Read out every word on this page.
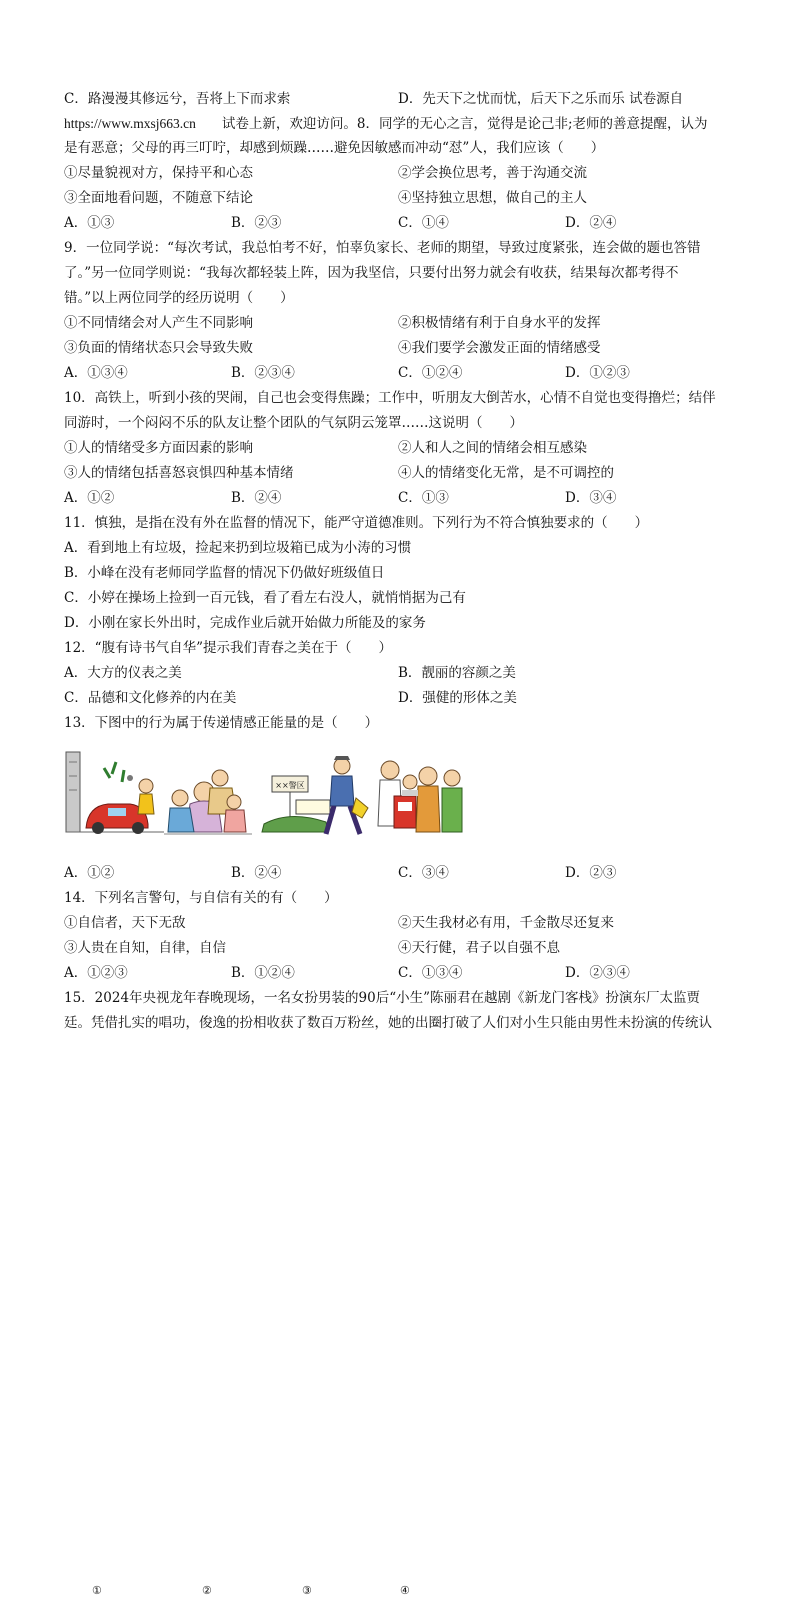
C．路漫漫其修远兮，吾将上下而求索	D．先天下之忧而忧，后天下之乐而乐 试卷源自
https://www.mxsj663.cn 试卷上新，欢迎访问。8．同学的无心之言，觉得是论己非;老师的善意提醒，认为
是有恶意；父母的再三叮咛，却感到烦躁……避免因敏感而冲动“怼”人，我们应该（　　）
①尽量貌视对方，保持平和心态	②学会换位思考，善于沟通交流
③全面地看问题，不随意下结论	④坚持独立思想，做自己的主人
A．①③	B．②③	C．①④	D．②④
9．一位同学说：“每次考试，我总怕考不好，怕辜负家长、老师的期望，导致过度紧张，连会做的题也答错
了。”另一位同学则说：“我每次都轻装上阵，因为我坚信，只要付出努力就会有收获，结果每次都考得不
错。”以上两位同学的经历说明（　　）
①不同情绪会对人产生不同影响	②积极情绪有利于自身水平的发挥
③负面的情绪状态只会导致失败	④我们要学会激发正面的情绪感受
A．①③④	B．②③④	C．①②④	D．①②③
10．高铁上，听到小孩的哭闹，自己也会变得焦躁；工作中，听朋友大倒苦水，心情不自觉也变得撸烂；结伴
同游时，一个闷闷不乐的队友让整个团队的气氛阴云笼罩……这说明（　　）
①人的情绪受多方面因素的影响	②人和人之间的情绪会相互感染
③人的情绪包括喜怒哀惧四种基本情绪	④人的情绪变化无常，是不可调控的
A．①②	B．②④	C．①③	D．③④
11．慎独，是指在没有外在监督的情况下，能严守道德准则。下列行为不符合慎独要求的（　　）
A．看到地上有垃圾，捡起来扔到垃圾箱已成为小涛的习惯
B．小峰在没有老师同学监督的情况下仍做好班级值日
C．小婷在操场上捡到一百元钱，看了看左右没人，就悄悄据为己有
D．小刚在家长外出时，完成作业后就开始做力所能及的家务
12．“腹有诗书气自华”提示我们青春之美在于（　　）
A．大方的仪表之美	B．靓丽的容颜之美
C．品德和文化修养的内在美	D．强健的形体之美
13．下图中的行为属于传递情感正能量的是（　　）
××警区
①	②	③	④
A．①②	B．②④	C．③④	D．②③
14．下列名言警句，与自信有关的有（　　）
①自信者，天下无敌	②天生我材必有用，千金散尽还复来
③人贵在自知，自律，自信	④天行健，君子以自强不息
A．①②③	B．①②④	C．①③④	D．②③④
15．2024年央视龙年春晚现场，一名女扮男装的90后“小生”陈丽君在越剧《新龙门客栈》扮演东厂太监贾
廷。凭借扎实的唱功，俊逸的扮相收获了数百万粉丝，她的出圈打破了人们对小生只能由男性未扮演的传统认
